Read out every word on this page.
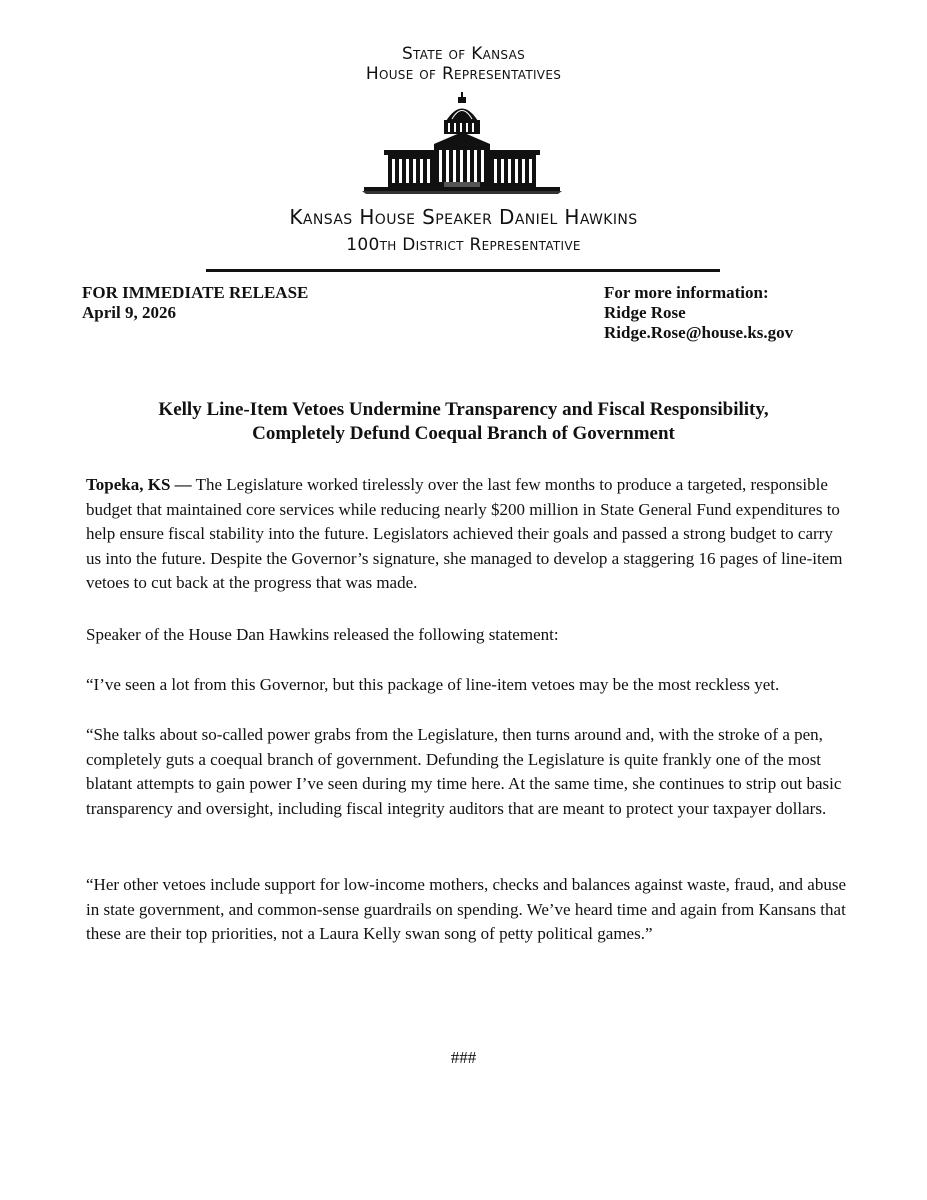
State of Kansas
House of Representatives
Kansas House Speaker Daniel Hawkins
100th District Representative
FOR IMMEDIATE RELEASE
April 9, 2026
For more information:
Ridge Rose
Ridge.Rose@house.ks.gov
Kelly Line-Item Vetoes Undermine Transparency and Fiscal Responsibility,
Completely Defund Coequal Branch of Government

Topeka, KS — The Legislature worked tirelessly over the last few months to produce a targeted, responsible budget that maintained core services while reducing nearly $200 million in State General Fund expenditures to help ensure fiscal stability into the future. Legislators achieved their goals and passed a strong budget to carry us into the future. Despite the Governor’s signature, she managed to develop a staggering 16 pages of line-item vetoes to cut back at the progress that was made.

Speaker of the House Dan Hawkins released the following statement:

“I’ve seen a lot from this Governor, but this package of line-item vetoes may be the most reckless yet.

“She talks about so-called power grabs from the Legislature, then turns around and, with the stroke of a pen, completely guts a coequal branch of government. Defunding the Legislature is quite frankly one of the most blatant attempts to gain power I’ve seen during my time here. At the same time, she continues to strip out basic transparency and oversight, including fiscal integrity auditors that are meant to protect your taxpayer dollars.

“Her other vetoes include support for low-income mothers, checks and balances against waste, fraud, and abuse in state government, and common-sense guardrails on spending. We’ve heard time and again from Kansans that these are their top priorities, not a Laura Kelly swan song of petty political games.”

###
